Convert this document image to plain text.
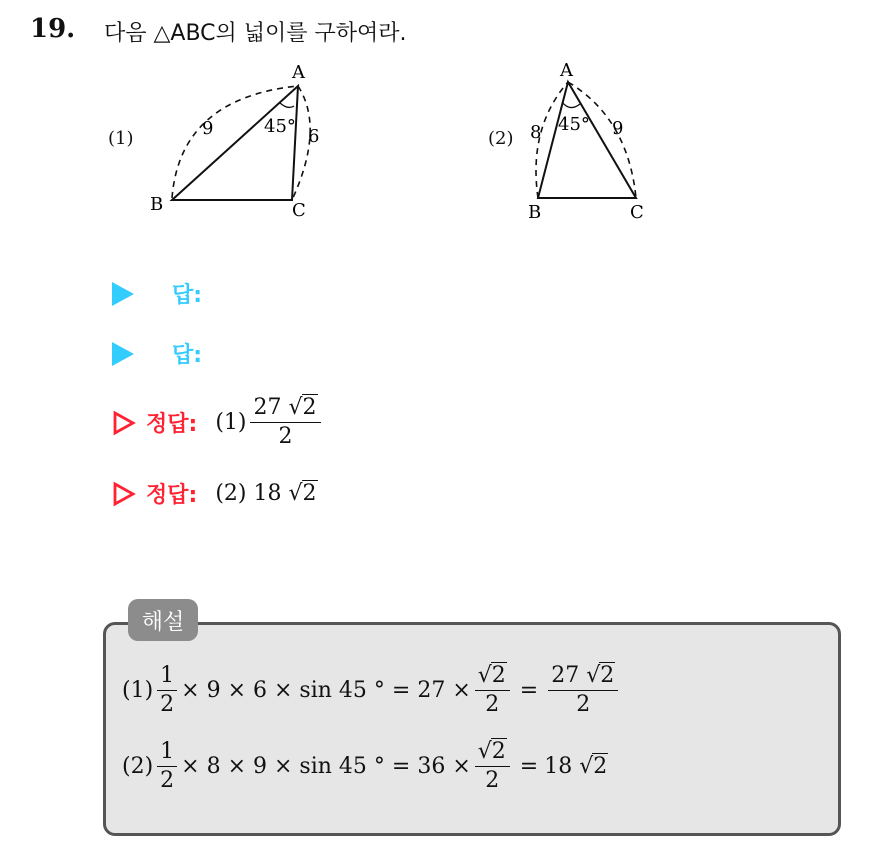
19. 다음 △ABC의 넓이를 구하여라.
(1)
A
B	C
9	6
45°
(2)
A
B	C
8	9
45°
답:
답:
정답: $(1) \frac{27 √2}{2}$
정답: (2)
18
√2
해설
$(1) \frac{1}{2} \times 9 \times 6 \times \sin 45$ ° = $27 \times \frac{√2}{2} = \frac{27 √2}{2}$
$(2) \frac{1}{2} \times 8 \times 9 \times \sin 45$ ° = $36 \times \frac{√2}{2} = 18$
√2
